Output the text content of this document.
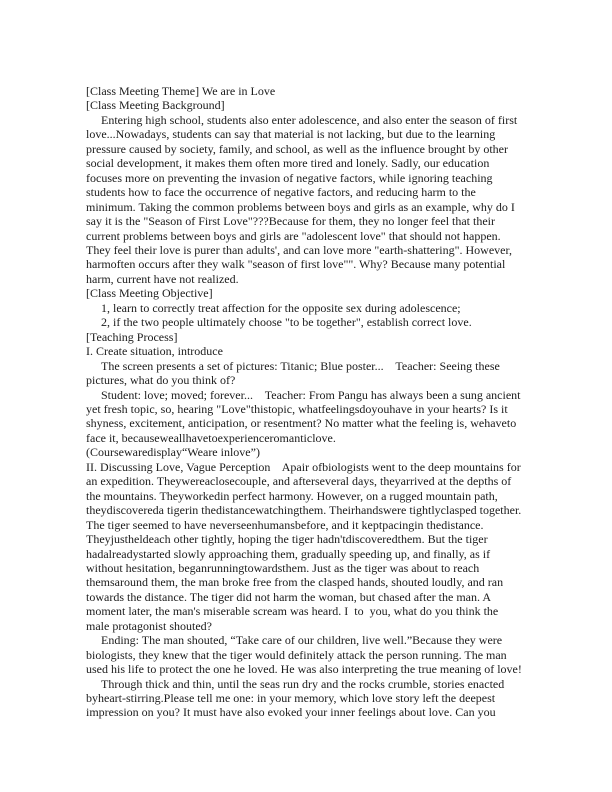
[Class Meeting Theme] We are in Love

[Class Meeting Background]

Entering high school, students also enter adolescence, and also enter the season of first love...Nowadays, students can say that material is not lacking, but due to the learning pressure caused by society, family, and school, as well as the influence brought by other social development, it makes them often more tired and lonely. Sadly, our education focuses more on preventing the invasion of negative factors, while ignoring teaching students how to face the occurrence of negative factors, and reducing harm to the minimum. Taking the common problems between boys and girls as an example, why do I say it is the "Season of First Love"???Because for them, they no longer feel that their current problems between boys and girls are "adolescent love" that should not happen. They feel their love is purer than adults', and can love more "earth-shattering". However, harmoften occurs after they walk "season of first love"". Why? Because many potential harm, current have not realized.

[Class Meeting Objective]

1, learn to correctly treat affection for the opposite sex during adolescence;

2, if the two people ultimately choose "to be together", establish correct love.

[Teaching Process]

I. Create situation, introduce

The screen presents a set of pictures: Titanic; Blue poster...    Teacher: Seeing these pictures, what do you think of?

Student: love; moved; forever...    Teacher: From Pangu has always been a sung ancient yet fresh topic, so, hearing "Love"thistopic, whatfeelingsdoyouhave in your hearts? Is it shyness, excitement, anticipation, or resentment? No matter what the feeling is, wehaveto face it, becauseweallhavetoexperienceromanticlove.

(Coursewaredisplay“Weare inlove”)

II. Discussing Love, Vague Perception    Apair ofbiologists went to the deep mountains for an expedition. Theywereaclosecouple, and afterseveral days, theyarrived at the depths of the mountains. Theyworkedin perfect harmony. However, on a rugged mountain path, theydiscovereda tigerin thedistancewatchingthem. Theirhandswere tightlyclasped together. The tiger seemed to have neverseenhumansbefore, and it keptpacingin thedistance. Theyjustheldeach other tightly, hoping the tiger hadn'tdiscoveredthem. But the tiger hadalreadystarted slowly approaching them, gradually speeding up, and finally, as if without hesitation, beganrunningtowardsthem. Just as the tiger was about to reach themsaround them, the man broke free from the clasped hands, shouted loudly, and ran towards the distance. The tiger did not harm the woman, but chased after the man. A moment later, the man's miserable scream was heard. I  to  you, what do you think the male protagonist shouted?

Ending: The man shouted, “Take care of our children, live well.”Because they were biologists, they knew that the tiger would definitely attack the person running. The man used his life to protect the one he loved. He was also interpreting the true meaning of love!

Through thick and thin, until the seas run dry and the rocks crumble, stories enacted byheart-stirring.Please tell me one: in your memory, which love story left the deepest impression on you? It must have also evoked your inner feelings about love. Can you
